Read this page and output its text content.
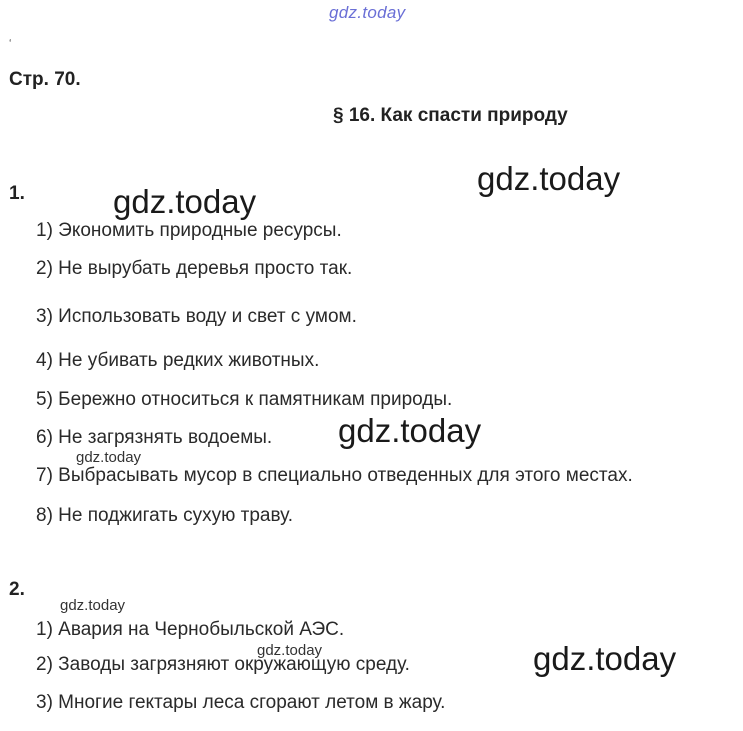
gdz.today
ʻ
Стр. 70.
§ 16. Как спасти природу
gdz.today
1.	gdz.today
1) Экономить природные ресурсы.
2) Не вырубать деревья просто так.
3) Использовать воду и свет с умом.
4) Не убивать редких животных.
5) Бережно относиться к памятникам природы.
6) Не загрязнять водоемы. gdz.today
gdz.today
7) Выбрасывать мусор в специально отведенных для этого местах.
8) Не поджигать сухую траву.
2.
gdz.today
1) Авария на Чернобыльской АЭС.
gdz.today
2) Заводы загрязняют окружающую среду.	gdz.today
3) Многие гектары леса сгорают летом в жару.
